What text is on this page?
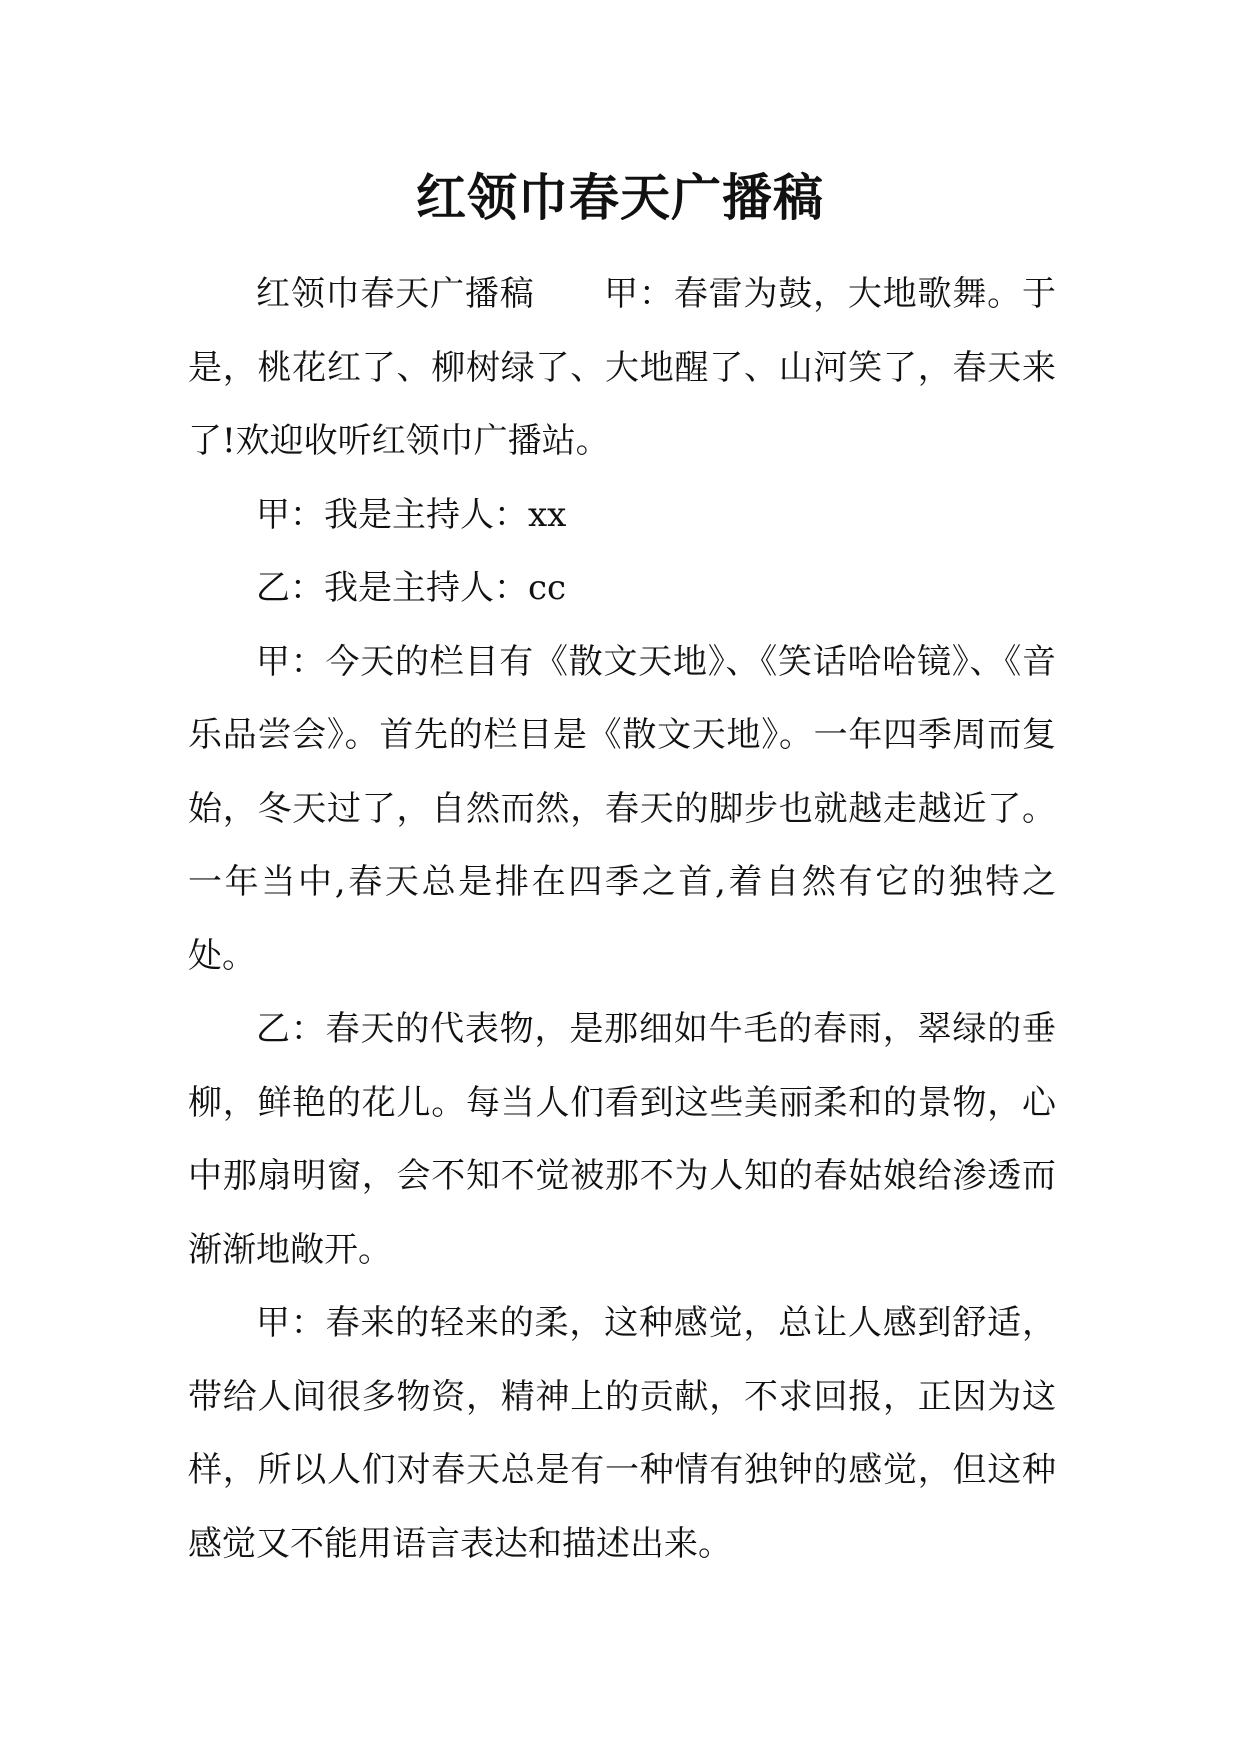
红领巾春天广播稿

红领巾春天广播稿　　甲：春雷为鼓，大地歌舞。于是，桃花红了、柳树绿了、大地醒了、山河笑了，春天来了!欢迎收听红领巾广播站。

甲：我是主持人：xx

乙：我是主持人：cc

甲：今天的栏目有《散文天地》、《笑话哈哈镜》、《音乐品尝会》。首先的栏目是《散文天地》。一年四季周而复始，冬天过了，自然而然，春天的脚步也就越走越近了。一年当中,春天总是排在四季之首,着自然有它的独特之处。

乙：春天的代表物，是那细如牛毛的春雨，翠绿的垂柳，鲜艳的花儿。每当人们看到这些美丽柔和的景物，心中那扇明窗，会不知不觉被那不为人知的春姑娘给渗透而渐渐地敞开。

甲：春来的轻来的柔，这种感觉，总让人感到舒适，带给人间很多物资，精神上的贡献，不求回报，正因为这样，所以人们对春天总是有一种情有独钟的感觉，但这种感觉又不能用语言表达和描述出来。
